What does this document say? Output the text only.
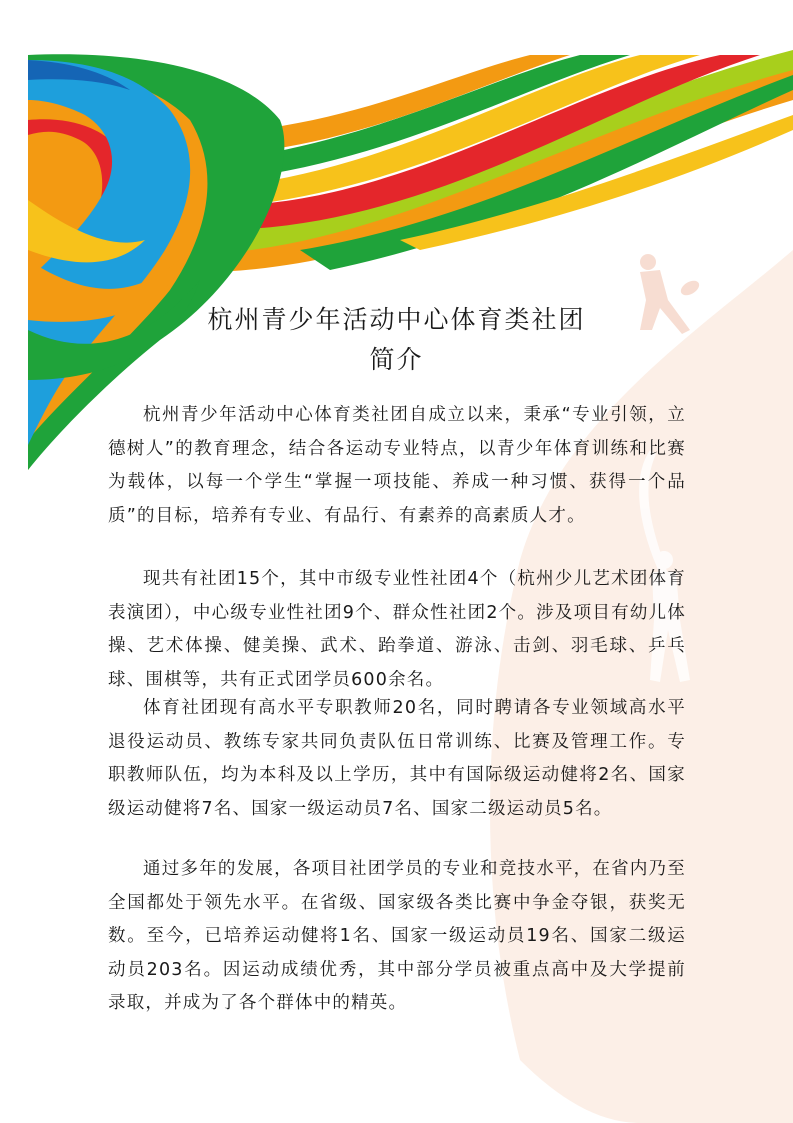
杭州青少年活动中心体育类社团
简介
杭州青少年活动中心体育类社团自成立以来，秉承“专业引领，立德树人”的教育理念，结合各运动专业特点，以青少年体育训练和比赛为载体，以每一个学生“掌握一项技能、养成一种习惯、获得一个品质”的目标，培养有专业、有品行、有素养的高素质人才。
现共有社团15个，其中市级专业性社团4个（杭州少儿艺术团体育表演团），中心级专业性社团9个、群众性社团2个。涉及项目有幼儿体操、艺术体操、健美操、武术、跆拳道、游泳、击剑、羽毛球、乒乓球、围棋等，共有正式团学员600余名。
体育社团现有高水平专职教师20名，同时聘请各专业领域高水平退役运动员、教练专家共同负责队伍日常训练、比赛及管理工作。专职教师队伍，均为本科及以上学历，其中有国际级运动健将2名、国家级运动健将7名、国家一级运动员7名、国家二级运动员5名。
通过多年的发展，各项目社团学员的专业和竞技水平，在省内乃至全国都处于领先水平。在省级、国家级各类比赛中争金夺银，获奖无数。至今，已培养运动健将1名、国家一级运动员19名、国家二级运动员203名。因运动成绩优秀，其中部分学员被重点高中及大学提前录取，并成为了各个群体中的精英。
